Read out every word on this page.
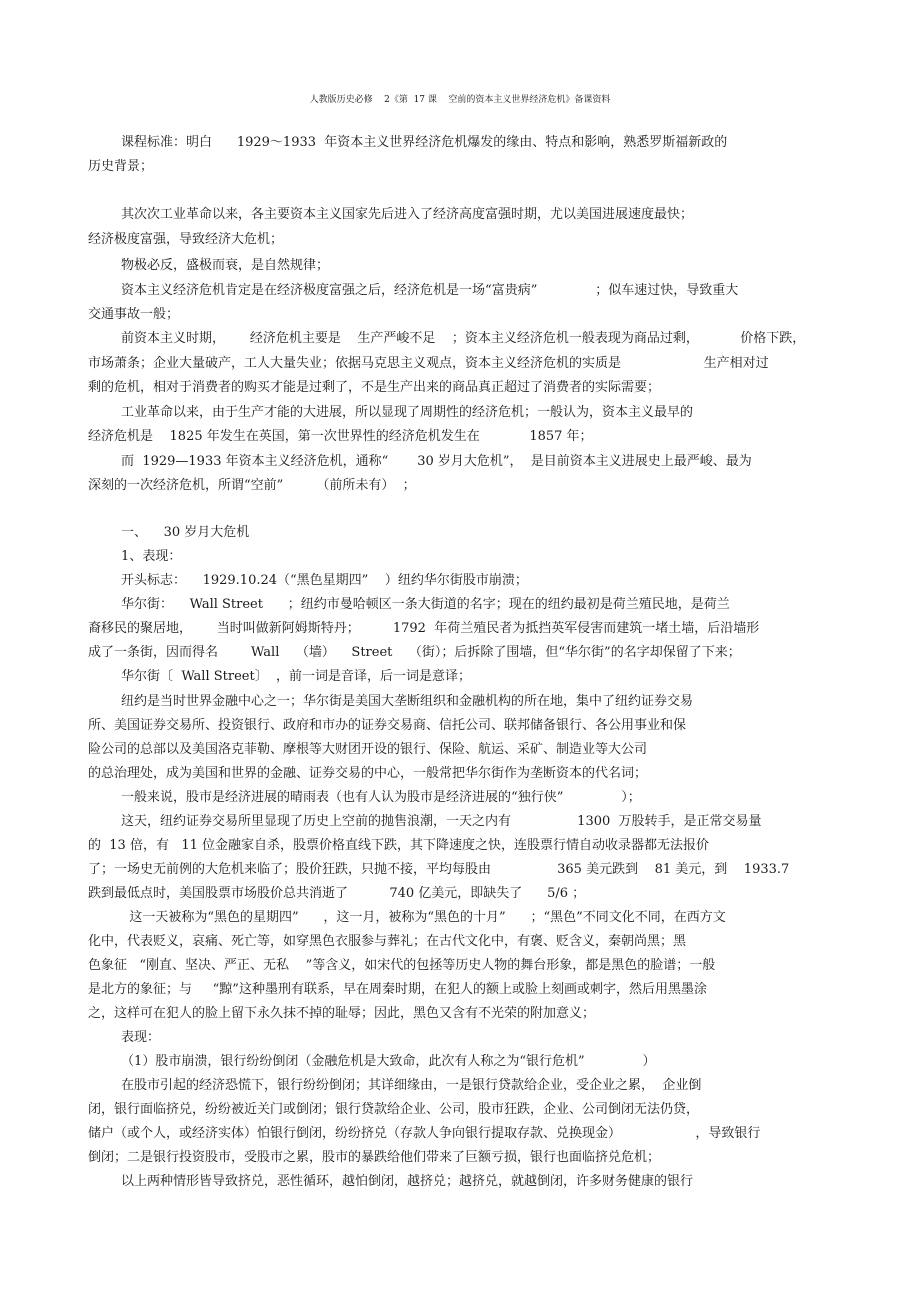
人教版历史必修    2《第  17 课    空前的资本主义世界经济危机》备课资料
课程标准：明白      1929～1933  年资本主义世界经济危机爆发的缘由、特点和影响，熟悉罗斯福新政的
历史背景；
其次次工业革命以来，各主要资本主义国家先后进入了经济高度富强时期，尤以美国进展速度最快；
经济极度富强，导致经济大危机；
物极必反，盛极而衰，是自然规律；
资本主义经济危机肯定是在经济极度富强之后，经济危机是一场“富贵病”              ；似车速过快，导致重大
交通事故一般；
前资本主义时期，      经济危机主要是    生产严峻不足    ；资本主义经济危机一般表现为商品过剩，          价格下跌，
市场萧条；企业大量破产，工人大量失业；依据马克思主义观点，资本主义经济危机的实质是                    生产相对过
剩的危机，相对于消费者的购买才能是过剩了，不是生产出来的商品真正超过了消费者的实际需要；
工业革命以来，由于生产才能的大进展，所以显现了周期性的经济危机；一般认为，资本主义最早的
经济危机是    1825 年发生在英国，第一次世界性的经济危机发生在            1857 年；
而  1929—1933 年资本主义经济危机，通称“       30 岁月大危机”，  是目前资本主义进展史上最严峻、最为
深刻的一次经济危机，所谓“空前”        （前所未有）  ；
一、    30 岁月大危机
1、表现：
开头标志：    1929.10.24（“黑色星期四”    ）纽约华尔街股市崩溃；
华尔街：    Wall Street      ；纽约市曼哈顿区一条大街道的名字；现在的纽约最初是荷兰殖民地，是荷兰
裔移民的聚居地，      当时叫做新阿姆斯特丹；        1792  年荷兰殖民者为抵挡英军侵害而建筑一堵土墙，后沿墙形
成了一条街，因而得名        Wall    （墙）    Street    （街）；后拆除了围墙，但“华尔街”的名字却保留了下来；
华尔街〔  Wall Street〕  ，前一词是音译，后一词是意译；
纽约是当时世界金融中心之一；华尔街是美国大垄断组织和金融机构的所在地，集中了纽约证券交易
所、美国证券交易所、投资银行、政府和市办的证券交易商、信托公司、联邦储备银行、各公用事业和保
险公司的总部以及美国洛克菲勒、摩根等大财团开设的银行、保险、航运、采矿、制造业等大公司
的总治理处，成为美国和世界的金融、证券交易的中心，一般常把华尔街作为垄断资本的代名词；
一般来说，股市是经济进展的晴雨表（也有人认为股市是经济进展的“独行侠”              ）；
这天，纽约证券交易所里显现了历史上空前的抛售浪潮，一天之内有                1300  万股转手，是正常交易量
的  13 倍，有   11 位金融家自杀，股票价格直线下跌，其下降速度之快，连股票行情自动收录器都无法报价
了；一场史无前例的大危机来临了；股价狂跌，只抛不接，平均每股由                365 美元跌到    81 美元，到    1933.7
跌到最低点时，美国股票市场股价总共消逝了          740 亿美元，即缺失了      5/6 ；
这一天被称为“黑色的星期四”      ，这一月，被称为“黑色的十月”      ；“黑色”不同文化不同，在西方文
化中，代表贬义，哀痛、死亡等，如穿黑色衣服参与葬礼；在古代文化中，有褒、贬含义，秦朝尚黑；黑
色象征   “刚直、坚决、严正、无私    ”等含义，如宋代的包拯等历史人物的舞台形象，都是黑色的脸谱；一般
是北方的象征；与     “黥”这种墨刑有联系，早在周秦时期，在犯人的额上或脸上刻画或刺字，然后用黑墨涂
之，这样可在犯人的脸上留下永久抹不掉的耻辱；因此，黑色又含有不光荣的附加意义；
表现：
（1）股市崩溃，银行纷纷倒闭（金融危机是大致命，此次有人称之为“银行危机”              ）
在股市引起的经济恐慌下，银行纷纷倒闭；其详细缘由，一是银行贷款给企业，受企业之累，  企业倒
闭，银行面临挤兑，纷纷被近关门或倒闭；银行贷款给企业、公司，股市狂跌，企业、公司倒闭无法仍贷，
储户（或个人，或经济实体）怕银行倒闭，纷纷挤兑（存款人争向银行提取存款、兑换现金）                  ，导致银行
倒闭；二是银行投资股市，受股市之累，股市的暴跌给他们带来了巨额亏损，银行也面临挤兑危机；
以上两种情形皆导致挤兑，恶性循环，越怕倒闭，越挤兑；越挤兑，就越倒闭，许多财务健康的银行
